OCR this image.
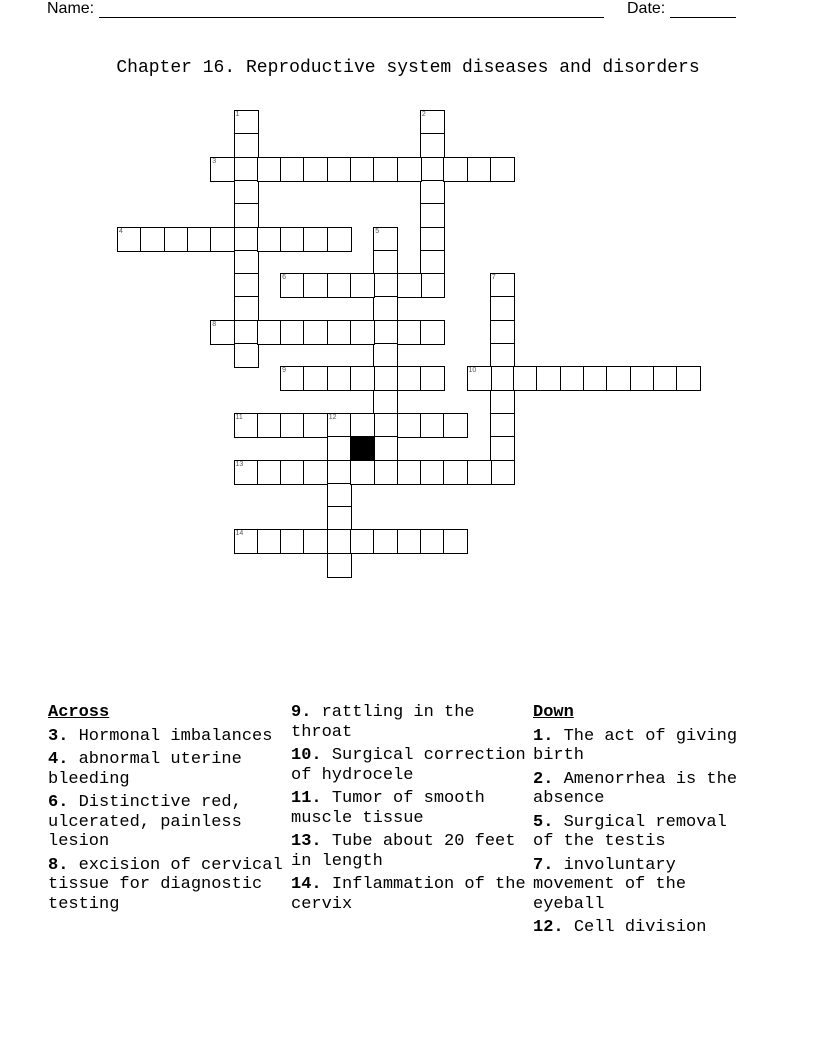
Name:	Date:
Chapter 16. Reproductive system diseases and disorders
1	2
3
4	5
6	7
8
9	10
11	12
13
14
Across
3. Hormonal imbalances
4. abnormal uterine bleeding
6. Distinctive red, ulcerated, painless lesion
8. excision of cervical tissue for diagnostic testing
9. rattling in the throat
10. Surgical correction of hydrocele
11. Tumor of smooth muscle tissue
13. Tube about 20 feet in length
14. Inflammation of the cervix
Down
1. The act of giving birth
2. Amenorrhea is the absence
5. Surgical removal of the testis
7. involuntary movement of the eyeball
12. Cell division
